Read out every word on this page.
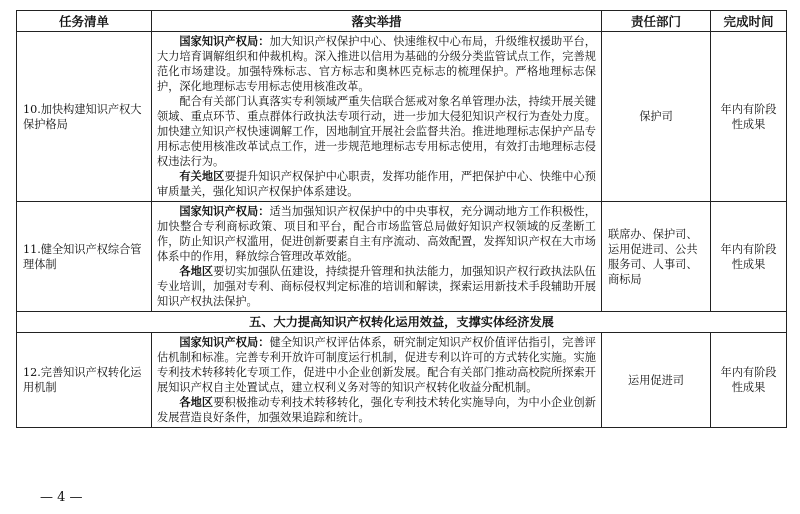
任务清单	落实举措	责任部门	完成时间
10.加快构建知识产权大保护格局	国家知识产权局：加大知识产权保护中心、快速维权中心布局，升级维权援助平台，大力培育调解组织和仲裁机构。深入推进以信用为基础的分级分类监管试点工作，完善规范化市场建设。加强特殊标志、官方标志和奥林匹克标志的梳理保护。严格地理标志保护，深化地理标志专用标志使用核准改革。

配合有关部门认真落实专利领域严重失信联合惩戒对象名单管理办法，持续开展关键领域、重点环节、重点群体行政执法专项行动，进一步加大侵犯知识产权行为查处力度。加快建立知识产权快速调解工作，因地制宜开展社会监督共治。推进地理标志保护产品专用标志使用核准改革试点工作，进一步规范地理标志专用标志使用，有效打击地理标志侵权违法行为。

有关地区要提升知识产权保护中心职责，发挥功能作用，严把保护中心、快维中心预审质量关，强化知识产权保护体系建设。	保护司	年内有阶段性成果
11.健全知识产权综合管理体制	国家知识产权局：适当加强知识产权保护中的中央事权，充分调动地方工作积极性，加快整合专利商标政策、项目和平台，配合市场监管总局做好知识产权领域的反垄断工作，防止知识产权滥用，促进创新要素自主有序流动、高效配置，发挥知识产权在大市场体系中的作用，释放综合管理改革效能。

各地区要切实加强队伍建设，持续提升管理和执法能力，加强知识产权行政执法队伍专业培训，加强对专利、商标侵权判定标准的培训和解读，探索运用新技术手段辅助开展知识产权执法保护。	联席办、保护司、运用促进司、公共服务司、人事司、商标局	年内有阶段性成果
五、大力提高知识产权转化运用效益，支撑实体经济发展			
12.完善知识产权转化运用机制	国家知识产权局：健全知识产权评估体系，研究制定知识产权价值评估指引，完善评估机制和标准。完善专利开放许可制度运行机制，促进专利以许可的方式转化实施。实施专利技术转移转化专项工作，促进中小企业创新发展。配合有关部门推动高校院所探索开展知识产权自主处置试点，建立权利义务对等的知识产权转化收益分配机制。

各地区要积极推动专利技术转移转化，强化专利技术转化实施导向，为中小企业创新发展营造良好条件，加强效果追踪和统计。	运用促进司	年内有阶段性成果
— 4 —
